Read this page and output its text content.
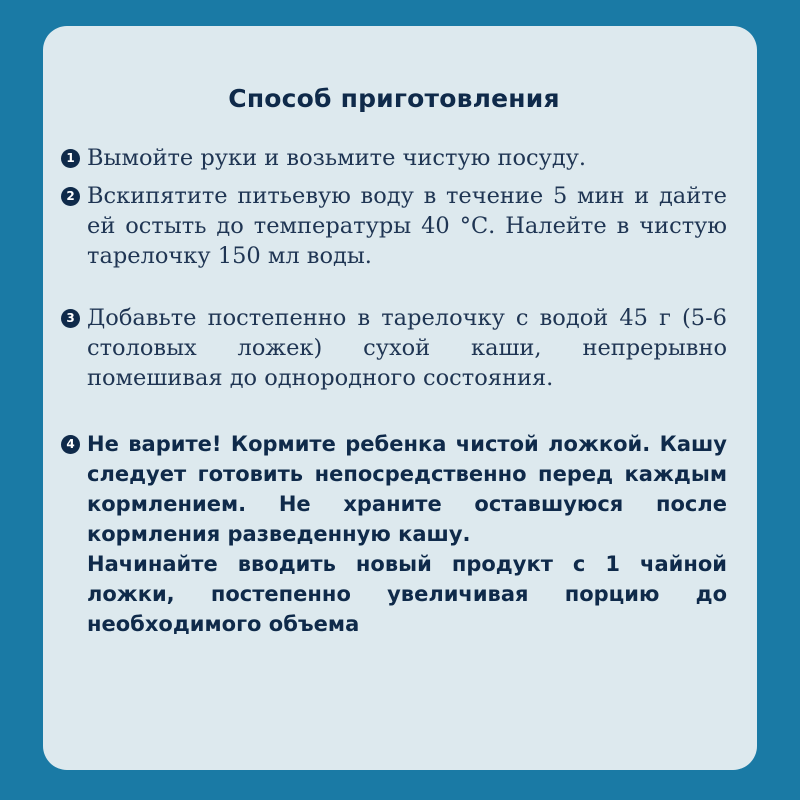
Способ приготовления
1 Вымойте руки и возьмите чистую посуду.
2 Вскипятите питьевую воду в течение 5 мин и дайте ей остыть до температуры 40 °С. Налейте в чистую тарелочку 150 мл воды.
3 Добавьте постепенно в тарелочку с водой 45 г (5-6 столовых ложек) сухой каши, непрерывно помешивая до однородного состояния.
4 Не варите! Кормите ребенка чистой ложкой. Кашу следует готовить непосредственно перед каждым кормлением. Не храните оставшуюся после кормления разведенную кашу.
Начинайте вводить новый продукт с 1 чайной ложки, постепенно увеличивая порцию до необходимого объема
